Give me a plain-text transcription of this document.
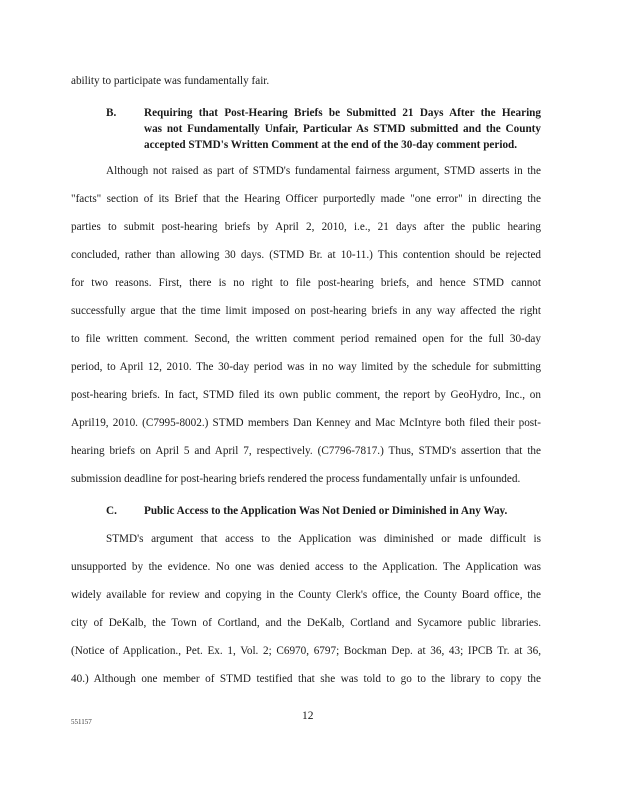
ability to participate was fundamentally fair.
B. Requiring that Post-Hearing Briefs be Submitted 21 Days After the Hearing
was not Fundamentally Unfair, Particular As STMD submitted and the County
accepted STMD's Written Comment at the end of the 30-day comment period.
Although not raised as part of STMD's fundamental fairness argument, STMD asserts in the
"facts" section of its Brief that the Hearing Officer purportedly made "one error" in directing the
parties to submit post-hearing briefs by April 2, 2010, i.e., 21 days after the public hearing
concluded, rather than allowing 30 days. (STMD Br. at 10-11.) This contention should be rejected
for two reasons. First, there is no right to file post-hearing briefs, and hence STMD cannot
successfully argue that the time limit imposed on post-hearing briefs in any way affected the right
to file written comment. Second, the written comment period remained open for the full 30-day
period, to April 12, 2010. The 30-day period was in no way limited by the schedule for submitting
post-hearing briefs. In fact, STMD filed its own public comment, the report by GeoHydro, Inc., on
April19, 2010. (C7995-8002.) STMD members Dan Kenney and Mac McIntyre both filed their post-
hearing briefs on April 5 and April 7, respectively. (C7796-7817.) Thus, STMD's assertion that the
submission deadline for post-hearing briefs rendered the process fundamentally unfair is unfounded.
C. Public Access to the Application Was Not Denied or Diminished in Any Way.
STMD's argument that access to the Application was diminished or made difficult is
unsupported by the evidence. No one was denied access to the Application. The Application was
widely available for review and copying in the County Clerk's office, the County Board office, the
city of DeKalb, the Town of Cortland, and the DeKalb, Cortland and Sycamore public libraries.
(Notice of Application., Pet. Ex. 1, Vol. 2; C6970, 6797; Bockman Dep. at 36, 43; IPCB Tr. at 36,
40.) Although one member of STMD testified that she was told to go to the library to copy the
551157	12
